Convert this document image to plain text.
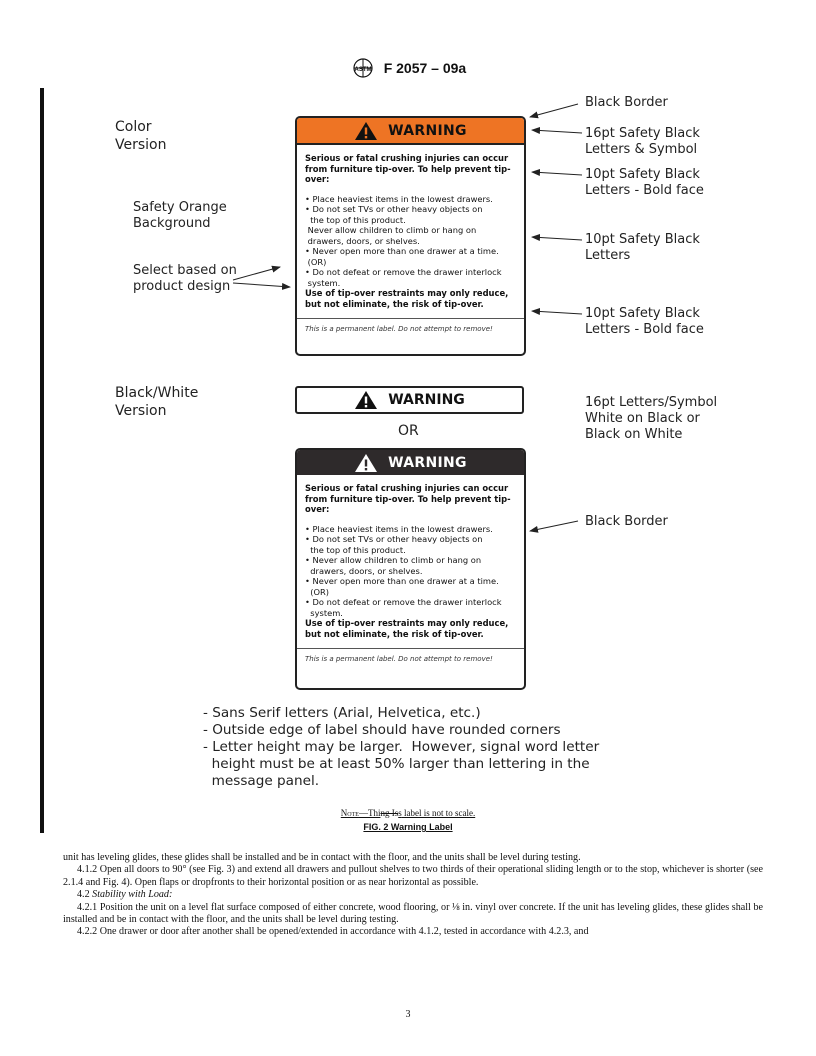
ASTM F 2057 – 09a
Color
Version
Safety Orange
Background
Select based on
product design
Black/White
Version
Black Border
16pt Safety Black
Letters & Symbol
10pt Safety Black
Letters - Bold face
10pt Safety Black
Letters
10pt Safety Black
Letters - Bold face
16pt Letters/Symbol
White on Black or
Black on White
Black Border
WARNING

Serious or fatal crushing injuries can occur from furniture tip-over. To help prevent tip-over:

• Place heaviest items in the lowest drawers.

• Do not set TVs or other heavy objects on

the top of this product.

Never allow children to climb or hang on

drawers, doors, or shelves.

• Never open more than one drawer at a time.

(OR)

• Do not defeat or remove the drawer interlock

system.

Use of tip-over restraints may only reduce, but not eliminate, the risk of tip-over.

This is a permanent label. Do not attempt to remove!
WARNING
OR
WARNING

Serious or fatal crushing injuries can occur from furniture tip-over. To help prevent tip-over:

• Place heaviest items in the lowest drawers.

• Do not set TVs or other heavy objects on

the top of this product.

• Never allow children to climb or hang on

drawers, doors, or shelves.

• Never open more than one drawer at a time.

(OR)

• Do not defeat or remove the drawer interlock

system.

Use of tip-over restraints may only reduce, but not eliminate, the risk of tip-over.

This is a permanent label. Do not attempt to remove!
- Sans Serif letters (Arial, Helvetica, etc.)
- Outside edge of label should have rounded corners
- Letter height may be larger.  However, signal word letter
height must be at least 50% larger than lettering in the
message panel.
Note—Thing Iss label is not to scale.
FIG. 2 Warning Label

unit has leveling glides, these glides shall be installed and be in contact with the floor, and the units shall be level during testing.

4.1.2 Open all doors to 90° (see Fig. 3) and extend all drawers and pullout shelves to two thirds of their operational sliding length or to the stop, whichever is shorter (see 2.1.4 and Fig. 4). Open flaps or dropfronts to their horizontal position or as near horizontal as possible.

4.2 Stability with Load:

4.2.1 Position the unit on a level flat surface composed of either concrete, wood flooring, or ⅛ in. vinyl over concrete. If the unit has leveling glides, these glides shall be installed and be in contact with the floor, and the units shall be level during testing.

4.2.2 One drawer or door after another shall be opened/extended in accordance with 4.1.2, tested in accordance with 4.2.3, and

3
